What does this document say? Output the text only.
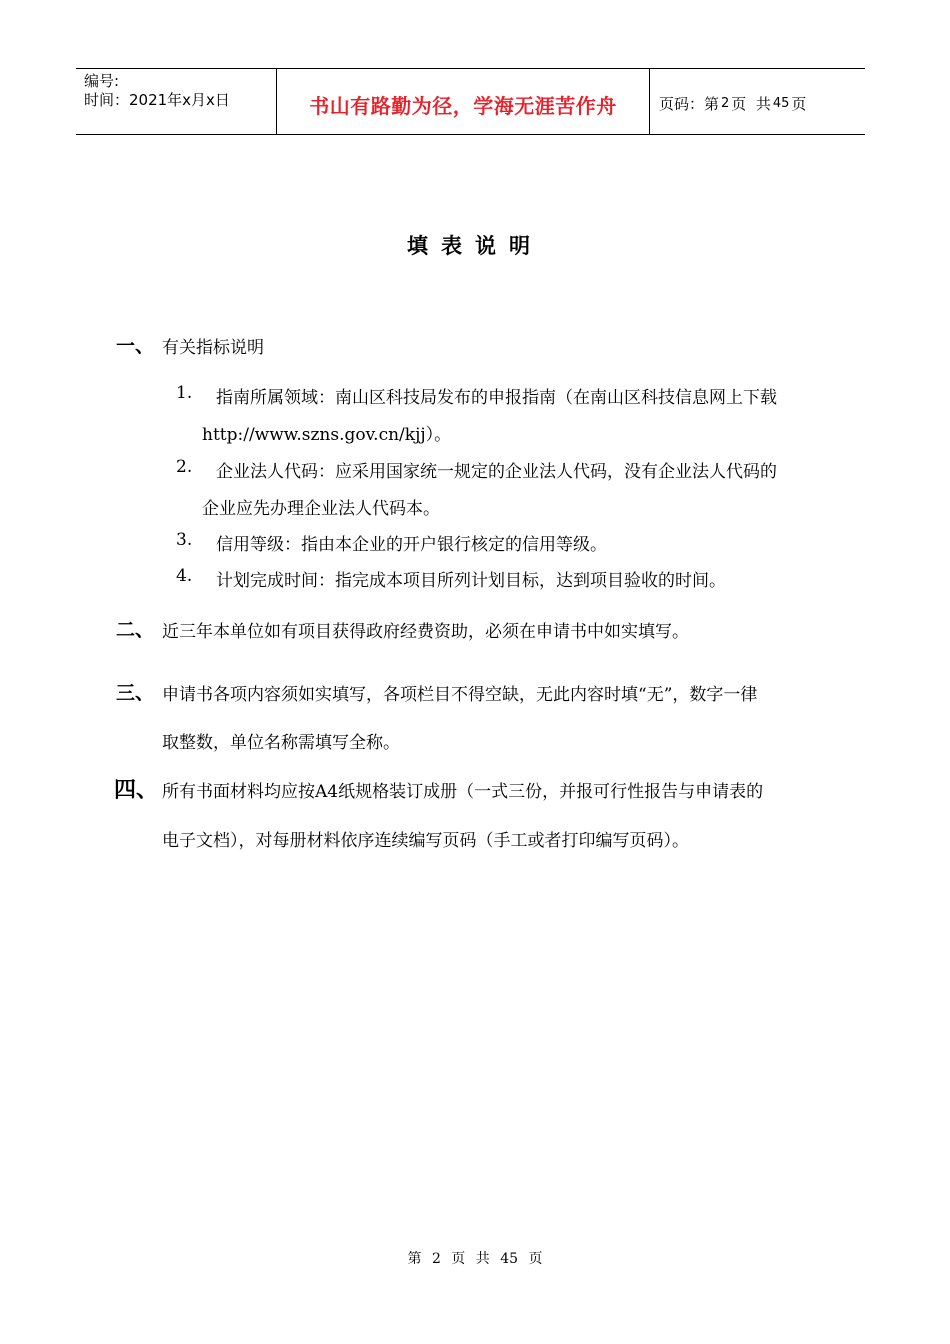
编号:
时间：2021年x月x日	书山有路勤为径，学海无涯苦作舟	页码：第 2 页  共 45 页
填表说明
一、 有关指标说明
1. 指南所属领域：南山区科技局发布的申报指南（在南山区科技信息网上下载
http://www.szns.gov.cn/kjj）。
2. 企业法人代码：应采用国家统一规定的企业法人代码，没有企业法人代码的
企业应先办理企业法人代码本。
3. 信用等级：指由本企业的开户银行核定的信用等级。
4. 计划完成时间：指完成本项目所列计划目标，达到项目验收的时间。
二、 近三年本单位如有项目获得政府经费资助，必须在申请书中如实填写。
三、 申请书各项内容须如实填写，各项栏目不得空缺，无此内容时填“无”，数字一律
取整数，单位名称需填写全称。
四、 所有书面材料均应按A4纸规格装订成册（一式三份，并报可行性报告与申请表的
电子文档），对每册材料依序连续编写页码（手工或者打印编写页码）。
第 2 页 共 45 页
